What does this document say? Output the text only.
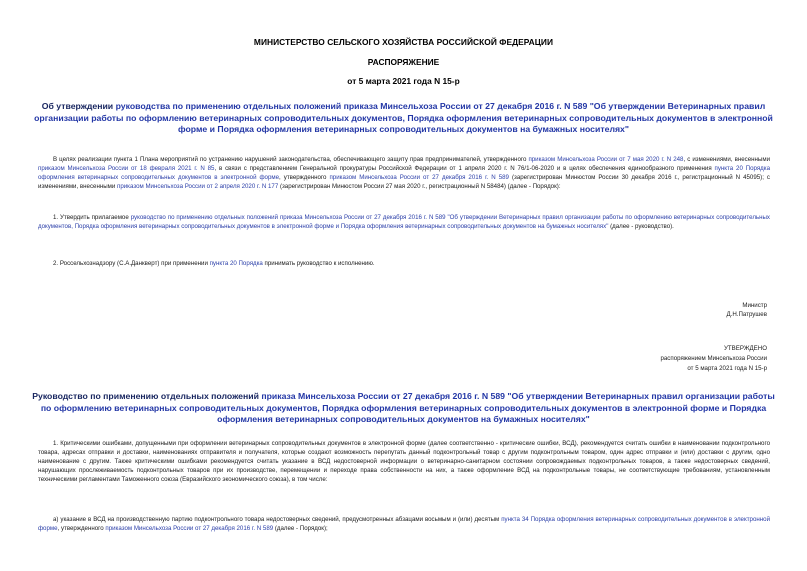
МИНИСТЕРСТВО СЕЛЬСКОГО ХОЗЯЙСТВА РОССИЙСКОЙ ФЕДЕРАЦИИ
РАСПОРЯЖЕНИЕ
от 5 марта 2021 года N 15-р
Об утверждении руководства по применению отдельных положений приказа Минсельхоза России от 27 декабря 2016 г. N 589 "Об утверждении Ветеринарных правил организации работы по оформлению ветеринарных сопроводительных документов, Порядка оформления ветеринарных сопроводительных документов в электронной форме и Порядка оформления ветеринарных сопроводительных документов на бумажных носителях"
В целях реализации пункта 1 Плана мероприятий по устранению нарушений законодательства, обеспечивающего защиту прав предпринимателей, утвержденного приказом Минсельхоза России от 7 мая 2020 г. N 248, с изменениями, внесенными приказом Минсельхоза России от 18 февраля 2021 г. N 85, в связи с представлением Генеральной прокуратуры Российской Федерации от 1 апреля 2020 г. N 76/1-06-2020 и в целях обеспечения единообразного применения пункта 20 Порядка оформления ветеринарных сопроводительных документов в электронной форме, утвержденного приказом Минсельхоза России от 27 декабря 2016 г. N 589 (зарегистрирован Минюстом России 30 декабря 2016 г., регистрационный N 45095); с изменениями, внесенными приказом Минсельхоза России от 2 апреля 2020 г. N 177 (зарегистрирован Минюстом России 27 мая 2020 г., регистрационный N 58484) (далее - Порядок):
1. Утвердить прилагаемое руководство по применению отдельных положений приказа Минсельхоза России от 27 декабря 2016 г. N 589 "Об утверждении Ветеринарных правил организации работы по оформлению ветеринарных сопроводительных документов, Порядка оформления ветеринарных сопроводительных документов в электронной форме и Порядка оформления ветеринарных сопроводительных документов на бумажных носителях" (далее - руководство).
2. Россельхознадзору (С.А.Данкверт) при применении пункта 20 Порядка принимать руководство к исполнению.
Министр
Д.Н.Патрушев
УТВЕРЖДЕНО
распоряжением Минсельхоза России
от 5 марта 2021 года N 15-р
Руководство по применению отдельных положений приказа Минсельхоза России от 27 декабря 2016 г. N 589 "Об утверждении Ветеринарных правил организации работы по оформлению ветеринарных сопроводительных документов, Порядка оформления ветеринарных сопроводительных документов в электронной форме и Порядка оформления ветеринарных сопроводительных документов на бумажных носителях"
1. Критическими ошибками, допущенными при оформлении ветеринарных сопроводительных документов в электронной форме (далее соответственно - критические ошибки, ВСД), рекомендуется считать ошибки в наименовании подконтрольного товара, адресах отправки и доставки, наименованиях отправителя и получателя, которые создают возможность перепутать данный подконтрольный товар с другим подконтрольным товаром, один адрес отправки и (или) доставки с другим, одно наименование с другим. Также критическими ошибками рекомендуется считать указание в ВСД недостоверной информации о ветеринарно-санитарном состоянии сопровождаемых подконтрольных товаров, а также недостоверных сведений, нарушающих прослеживаемость подконтрольных товаров при их производстве, перемещении и переходе права собственности на них, а также оформление ВСД на подконтрольные товары, не соответствующие требованиям, установленным техническими регламентами Таможенного союза (Евразийского экономического союза), в том числе:
а) указание в ВСД на производственную партию подконтрольного товара недостоверных сведений, предусмотренных абзацами восьмым и (или) десятым пункта 34 Порядка оформления ветеринарных сопроводительных документов в электронной форме, утвержденного приказом Минсельхоза России от 27 декабря 2016 г. N 589 (далее - Порядок);
